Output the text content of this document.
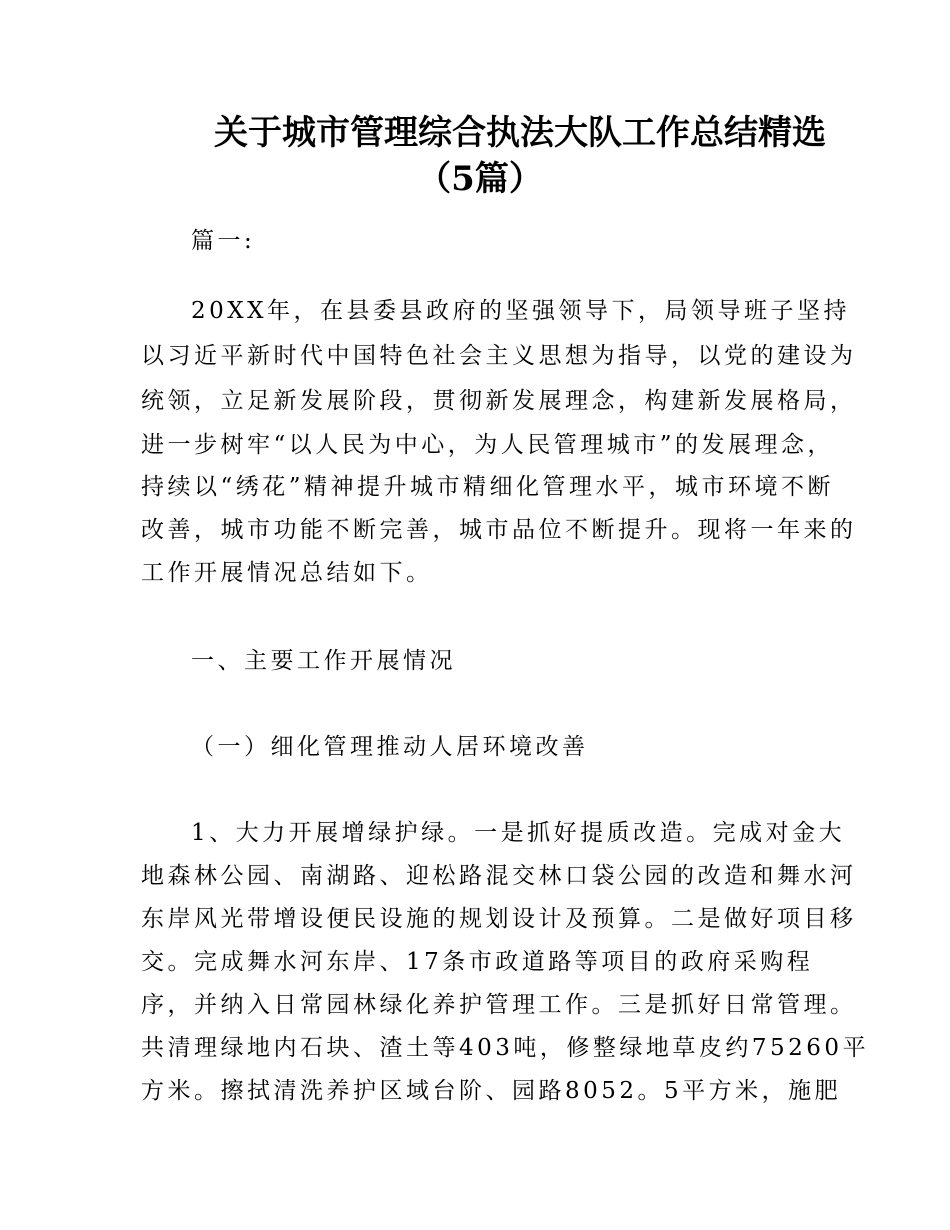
关于城市管理综合执法大队工作总结精选
（5篇）
篇一:
20XX年，在县委县政府的坚强领导下，局领导班子坚持
以习近平新时代中国特色社会主义思想为指导，以党的建设为
统领，立足新发展阶段，贯彻新发展理念，构建新发展格局，
进一步树牢“以人民为中心，为人民管理城市”的发展理念，
持续以“绣花”精神提升城市精细化管理水平，城市环境不断
改善，城市功能不断完善，城市品位不断提升。现将一年来的
工作开展情况总结如下。
一、主要工作开展情况
（一）细化管理推动人居环境改善
1、大力开展增绿护绿。一是抓好提质改造。完成对金大
地森林公园、南湖路、迎松路混交林口袋公园的改造和舞水河
东岸风光带增设便民设施的规划设计及预算。二是做好项目移
交。完成舞水河东岸、17条市政道路等项目的政府采购程
序，并纳入日常园林绿化养护管理工作。三是抓好日常管理。
共清理绿地内石块、渣土等403吨，修整绿地草皮约75260平
方米。擦拭清洗养护区域台阶、园路8052。5平方米，施肥
